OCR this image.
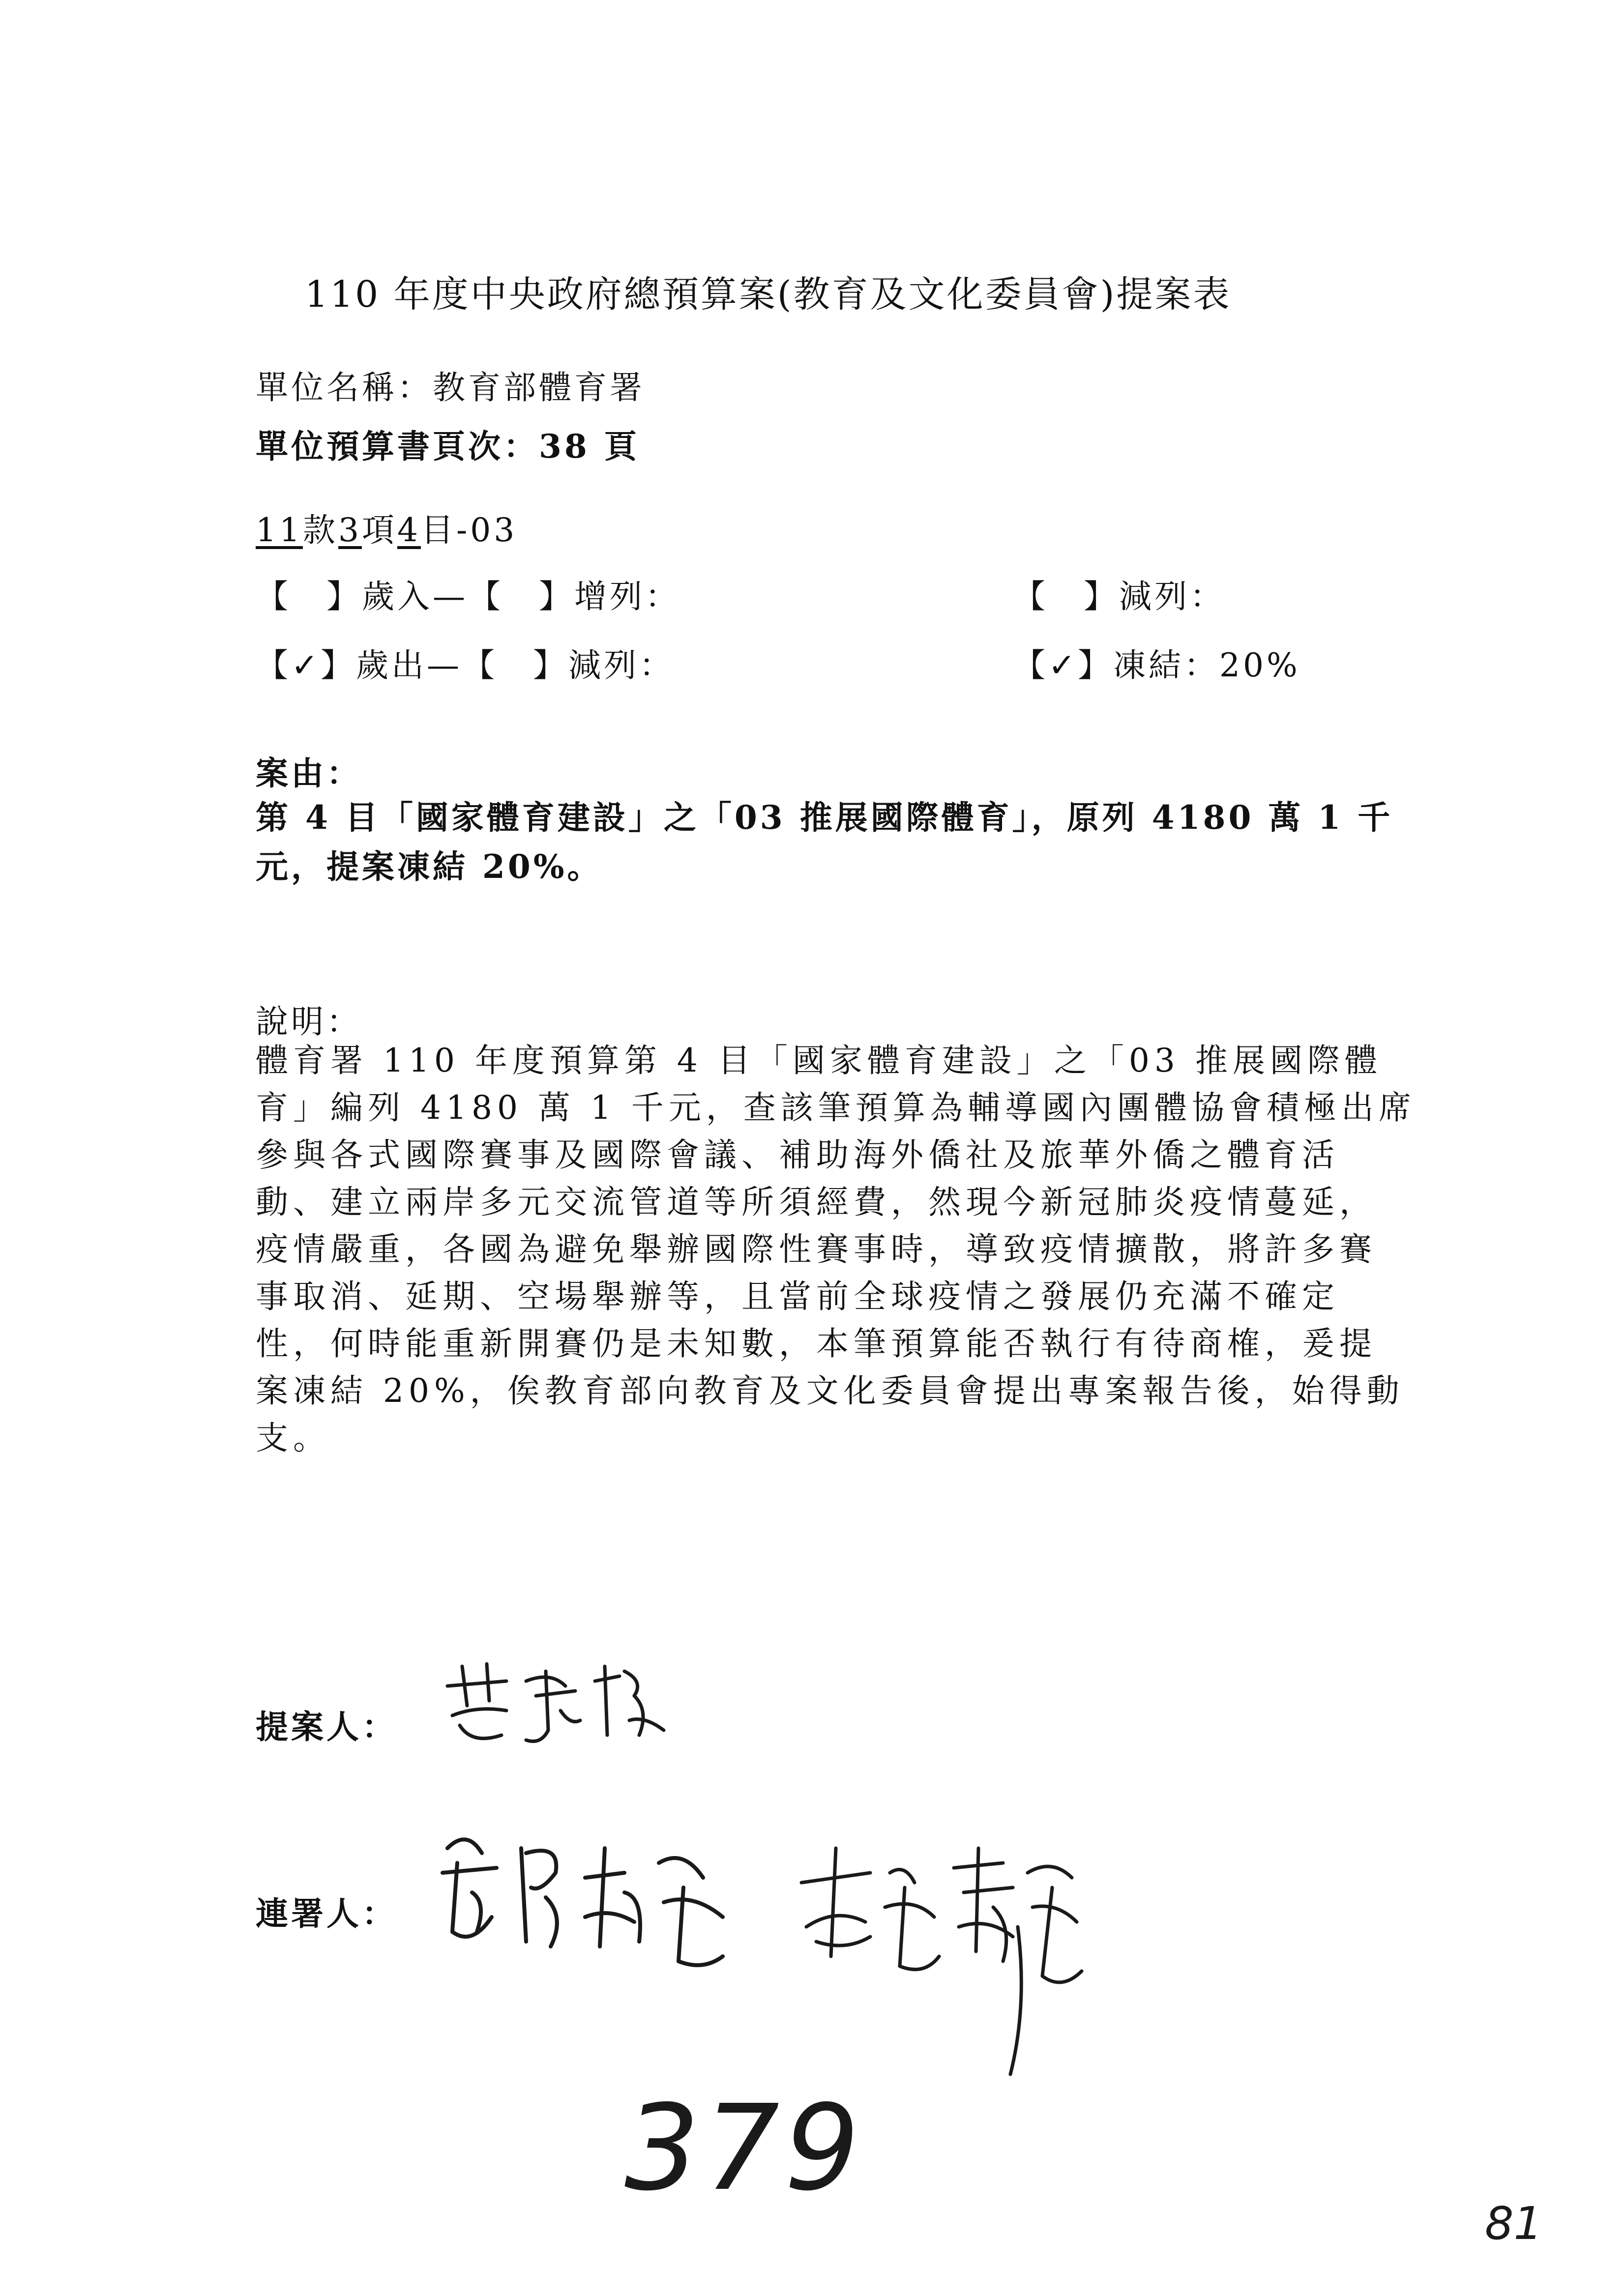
110 年度中央政府總預算案(教育及文化委員會)提案表
單位名稱：教育部體育署
單位預算書頁次：38 頁
11款3項4目-03
【　】歲入—【　】增列：	【　】減列：
【✓】歲出—【　】減列：	【✓】凍結：20%
案由：
第 4 目「國家體育建設」之「03 推展國際體育」，原列 4180 萬 1 千
元，提案凍結 20%。
說明：
體育署 110 年度預算第 4 目「國家體育建設」之「03 推展國際體
育」編列 4180 萬 1 千元，查該筆預算為輔導國內團體協會積極出席
參與各式國際賽事及國際會議、補助海外僑社及旅華外僑之體育活
動、建立兩岸多元交流管道等所須經費，然現今新冠肺炎疫情蔓延，
疫情嚴重，各國為避免舉辦國際性賽事時，導致疫情擴散，將許多賽
事取消、延期、空場舉辦等，且當前全球疫情之發展仍充滿不確定
性，何時能重新開賽仍是未知數，本筆預算能否執行有待商榷，爰提
案凍結 20%，俟教育部向教育及文化委員會提出專案報告後，始得動
支。
提案人：
連署人：
379
81
